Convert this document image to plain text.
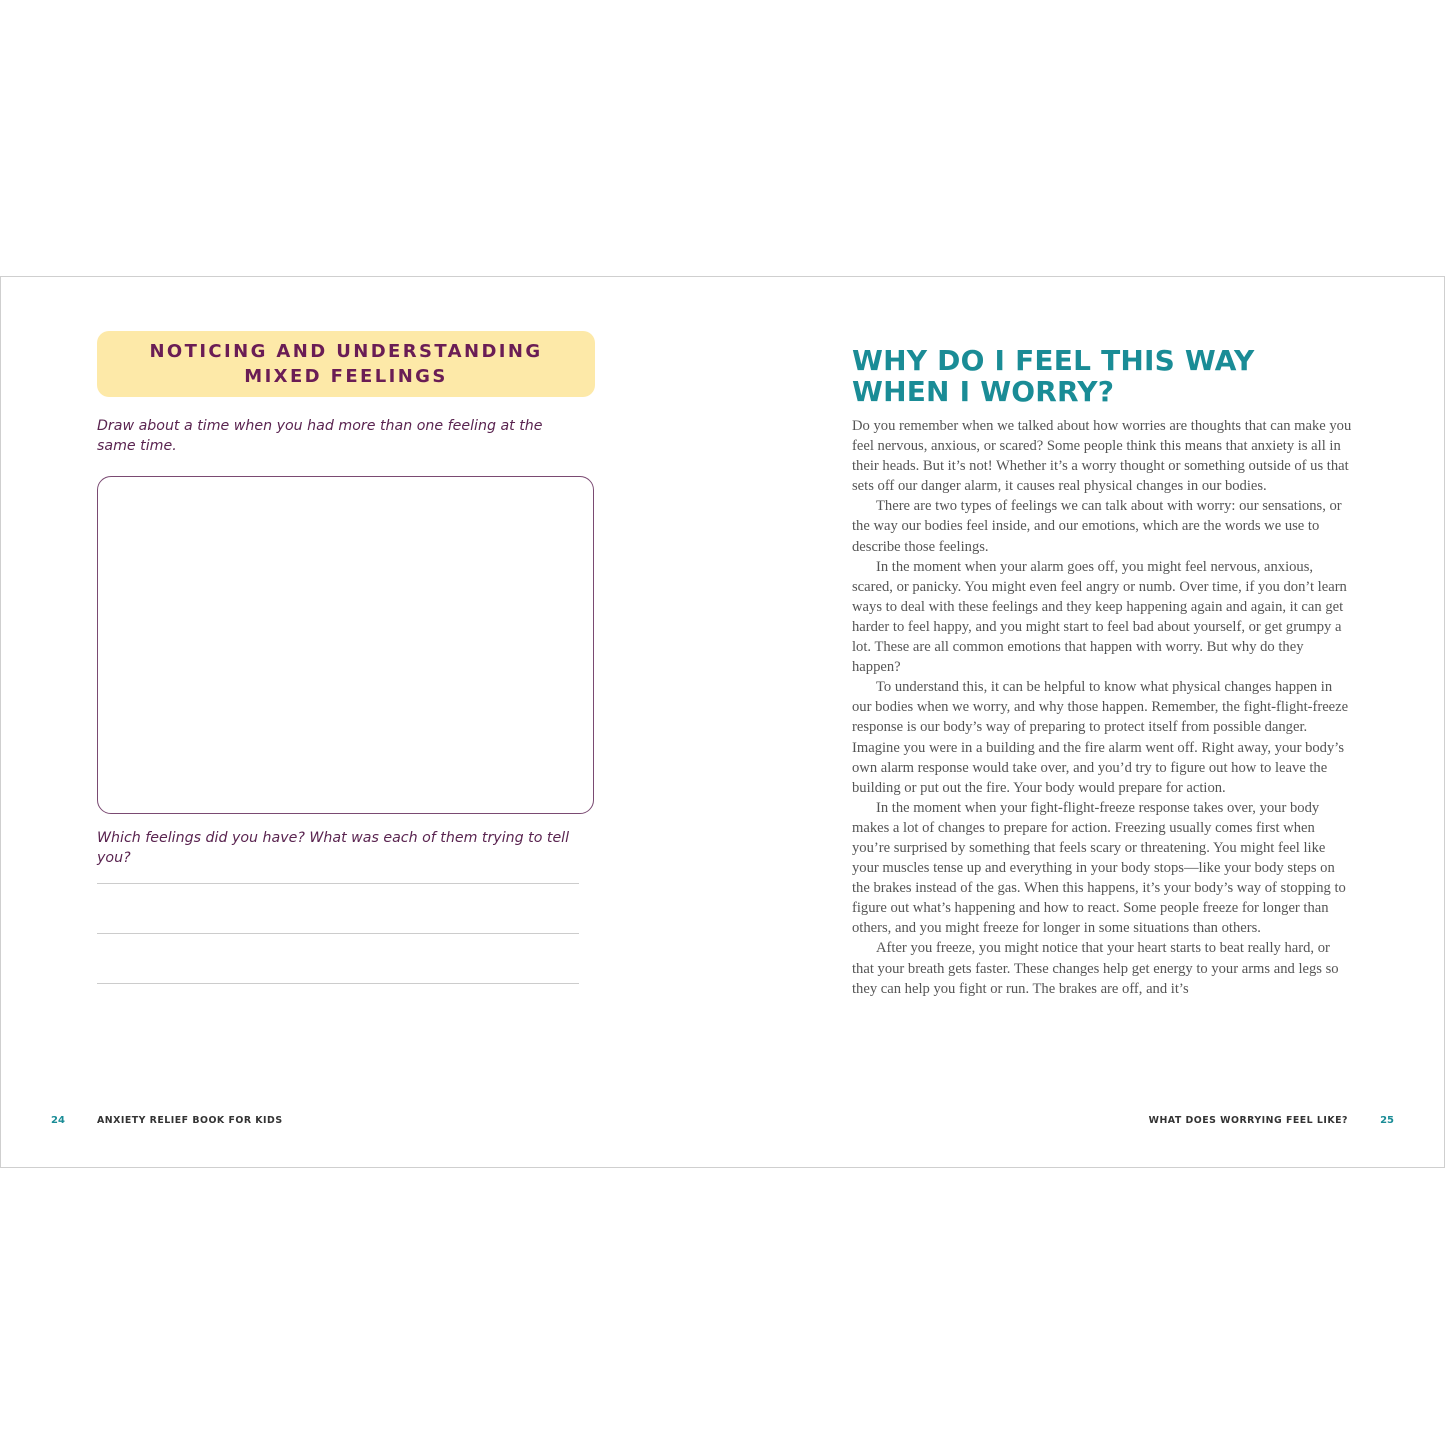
NOTICING AND UNDERSTANDING
MIXED FEELINGS
Draw about a time when you had more than one feeling at the same time.
Which feelings did you have? What was each of them trying to tell you?
24	ANXIETY RELIEF BOOK FOR KIDS
WHY DO I FEEL THIS WAY
WHEN I WORRY?

Do you remember when we talked about how worries are thoughts that can make you feel nervous, anxious, or scared? Some people think this means that anxiety is all in their heads. But it’s not! Whether it’s a worry thought or something outside of us that sets off our danger alarm, it causes real physical changes in our bodies.

There are two types of feelings we can talk about with worry: our sensations, or the way our bodies feel inside, and our emotions, which are the words we use to describe those feelings.

In the moment when your alarm goes off, you might feel nervous, anxious, scared, or panicky. You might even feel angry or numb. Over time, if you don’t learn ways to deal with these feelings and they keep happening again and again, it can get harder to feel happy, and you might start to feel bad about yourself, or get grumpy a lot. These are all common emotions that happen with worry. But why do they happen?

To understand this, it can be helpful to know what physical changes happen in our bodies when we worry, and why those happen. Remember, the fight-flight-freeze response is our body’s way of preparing to protect itself from possible danger. Imagine you were in a building and the fire alarm went off. Right away, your body’s own alarm response would take over, and you’d try to figure out how to leave the building or put out the fire. Your body would prepare for action.

In the moment when your fight-flight-freeze response takes over, your body makes a lot of changes to prepare for action. Freezing usually comes first when you’re surprised by something that feels scary or threatening. You might feel like your muscles tense up and everything in your body stops—like your body steps on the brakes instead of the gas. When this happens, it’s your body’s way of stopping to figure out what’s happening and how to react. Some people freeze for longer than others, and you might freeze for longer in some situations than others.

After you freeze, you might notice that your heart starts to beat really hard, or that your breath gets faster. These changes help get energy to your arms and legs so they can help you fight or run. The brakes are off, and it’s

WHAT DOES WORRYING FEEL LIKE?	25
